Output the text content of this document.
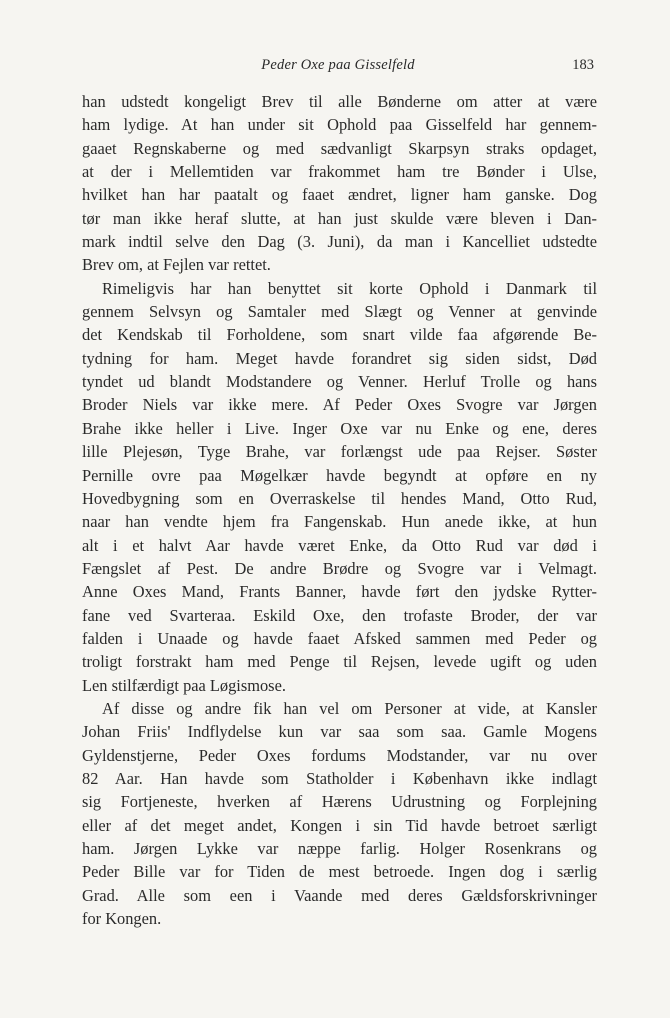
Peder Oxe paa Gisselfeld	183
han udstedt kongeligt Brev til alle Bønderne om atter at være
ham lydige. At han under sit Ophold paa Gisselfeld har gennem-
gaaet Regnskaberne og med sædvanligt Skarpsyn straks opdaget,
at der i Mellemtiden var frakommet ham tre Bønder i Ulse,
hvilket han har paatalt og faaet ændret, ligner ham ganske. Dog
tør man ikke heraf slutte, at han just skulde være bleven i Dan-
mark indtil selve den Dag (3. Juni), da man i Kancelliet udstedte
Brev om, at Fejlen var rettet.
Rimeligvis har han benyttet sit korte Ophold i Danmark til
gennem Selvsyn og Samtaler med Slægt og Venner at genvinde
det Kendskab til Forholdene, som snart vilde faa afgørende Be-
tydning for ham. Meget havde forandret sig siden sidst, Død
tyndet ud blandt Modstandere og Venner. Herluf Trolle og hans
Broder Niels var ikke mere. Af Peder Oxes Svogre var Jørgen
Brahe ikke heller i Live. Inger Oxe var nu Enke og ene, deres
lille Plejesøn, Tyge Brahe, var forlængst ude paa Rejser. Søster
Pernille ovre paa Møgelkær havde begyndt at opføre en ny
Hovedbygning som en Overraskelse til hendes Mand, Otto Rud,
naar han vendte hjem fra Fangenskab. Hun anede ikke, at hun
alt i et halvt Aar havde været Enke, da Otto Rud var død i
Fængslet af Pest. De andre Brødre og Svogre var i Velmagt.
Anne Oxes Mand, Frants Banner, havde ført den jydske Rytter-
fane ved Svarteraa. Eskild Oxe, den trofaste Broder, der var
falden i Unaade og havde faaet Afsked sammen med Peder og
troligt forstrakt ham med Penge til Rejsen, levede ugift og uden
Len stilfærdigt paa Løgismose.
Af disse og andre fik han vel om Personer at vide, at Kansler
Johan Friis' Indflydelse kun var saa som saa. Gamle Mogens
Gyldenstjerne, Peder Oxes fordums Modstander, var nu over
82 Aar. Han havde som Statholder i København ikke indlagt
sig Fortjeneste, hverken af Hærens Udrustning og Forplejning
eller af det meget andet, Kongen i sin Tid havde betroet særligt
ham. Jørgen Lykke var næppe farlig. Holger Rosenkrans og
Peder Bille var for Tiden de mest betroede. Ingen dog i særlig
Grad. Alle som een i Vaande med deres Gældsforskrivninger
for Kongen.
